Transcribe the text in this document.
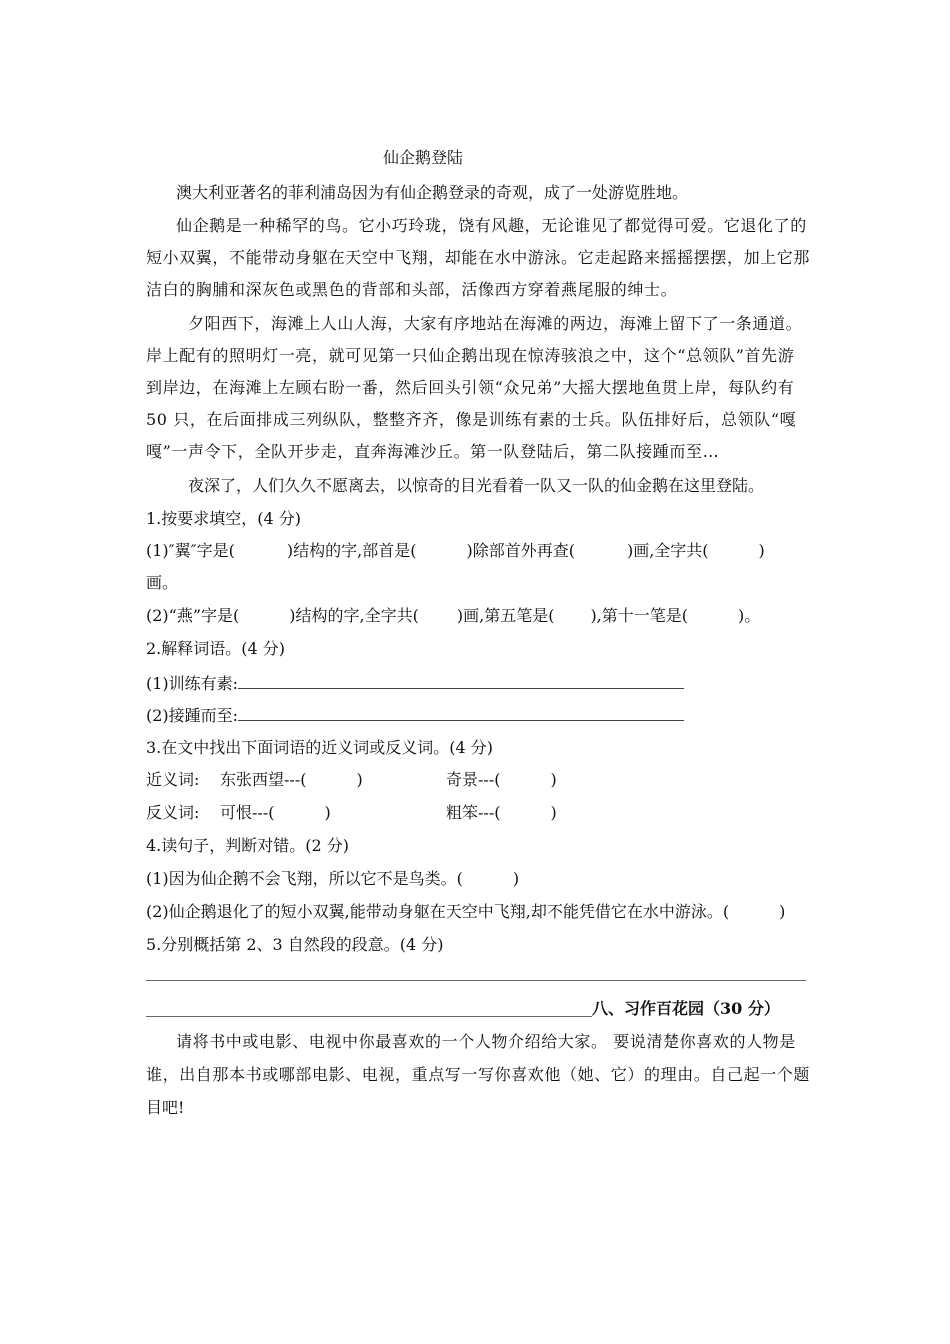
仙企鹅登陆
澳大利亚著名的菲利浦岛因为有仙企鹅登录的奇观，成了一处游览胜地。
仙企鹅是一种稀罕的鸟。它小巧玲珑，饶有风趣，无论谁见了都觉得可爱。它退化了的
短小双翼，不能带动身躯在天空中飞翔，却能在水中游泳。它走起路来摇摇摆摆，加上它那
洁白的胸脯和深灰色或黑色的背部和头部，活像西方穿着燕尾服的绅士。
夕阳西下，海滩上人山人海，大家有序地站在海滩的两边，海滩上留下了一条通道。
岸上配有的照明灯一亮，就可见第一只仙企鹅出现在惊涛骇浪之中，这个“总领队”首先游
到岸边，在海滩上左顾右盼一番，然后回头引领“众兄弟”大摇大摆地鱼贯上岸，每队约有
50 只，在后面排成三列纵队，整整齐齐，像是训练有素的士兵。队伍排好后，总领队“嘎
嘎”一声令下，全队开步走，直奔海滩沙丘。第一队登陆后，第二队接踵而至…
夜深了，人们久久不愿离去，以惊奇的目光看着一队又一队的仙金鹅在这里登陆。
1.按要求填空，(4 分)
(1)″翼″字是(	)结构的字,部首是(	)除部首外再查(	)画,全字共(	)
画。
(2)“燕”字是(	)结构的字,全字共( )画,第五笔是( ),第十一笔是(	)。
2.解释词语。(4 分)
(1)训练有素:
(2)接踵而至:
3.在文中找出下面词语的近义词或反义词。(4 分)
近义词: 东张西望---(	)	奇景---(	)
反义词: 可恨---(	)	粗笨---(	)
4.读句子，判断对错。(2 分)
(1)因为仙企鹅不会飞翔，所以它不是鸟类。(	)
(2)仙企鹅退化了的短小双翼,能带动身躯在天空中飞翔,却不能凭借它在水中游泳。(	)
5.分别概括第 2、3 自然段的段意。(4 分)
八、习作百花园（30 分）
请将书中或电影、电视中你最喜欢的一个人物介绍给大家。 要说清楚你喜欢的人物是
谁，出自那本书或哪部电影、电视，重点写一写你喜欢他（她、它）的理由。自己起一个题
目吧!
